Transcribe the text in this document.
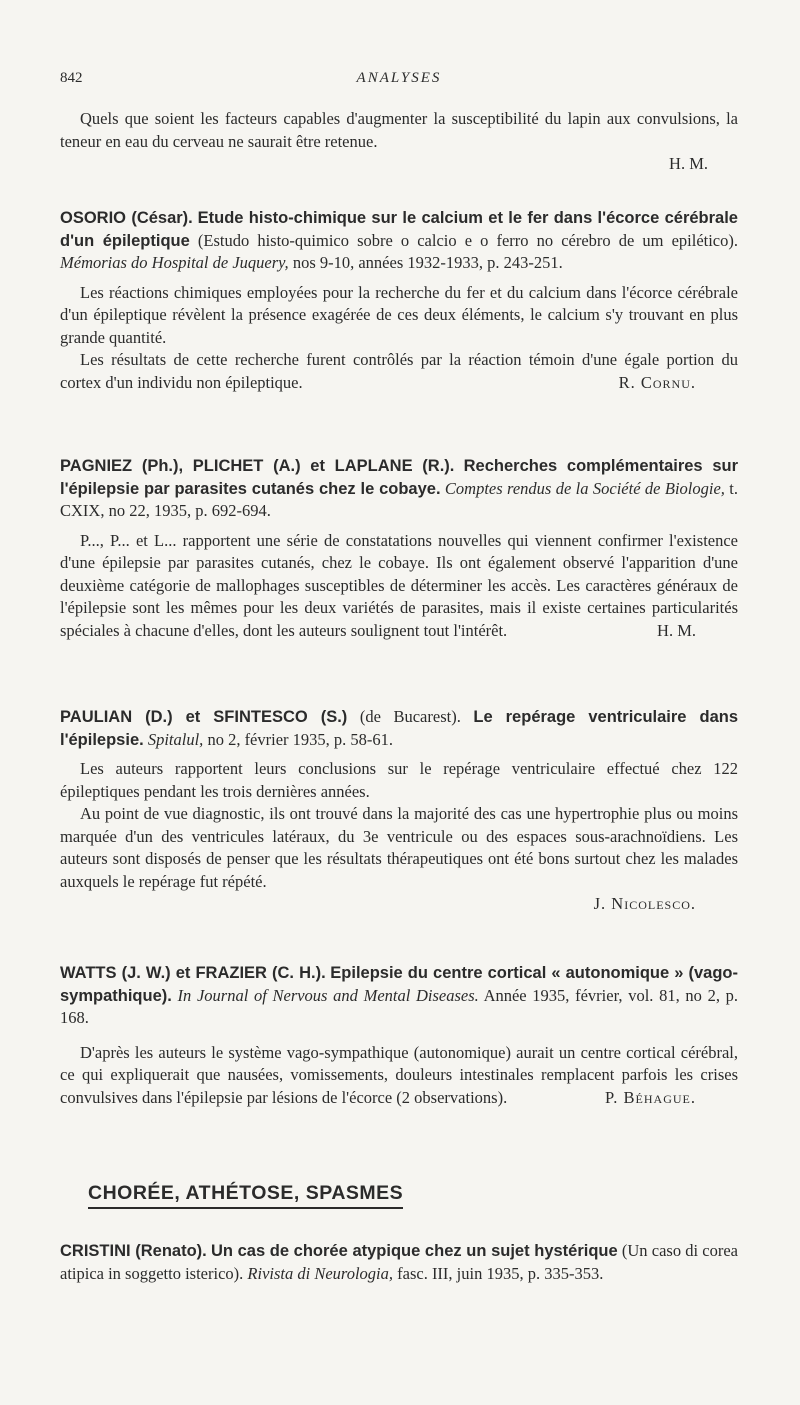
842	ANALYSES

Quels que soient les facteurs capables d'augmenter la susceptibilité du lapin aux convulsions, la teneur en eau du cerveau ne saurait être retenue.

H. M.

OSORIO (César). Etude histo-chimique sur le calcium et le fer dans l'écorce cérébrale d'un épileptique (Estudo histo-quimico sobre o calcio e o ferro no cérebro de um epilético). Mémorias do Hospital de Juquery, nos 9-10, années 1932-1933, p. 243-251.

Les réactions chimiques employées pour la recherche du fer et du calcium dans l'écorce cérébrale d'un épileptique révèlent la présence exagérée de ces deux éléments, le calcium s'y trouvant en plus grande quantité.

Les résultats de cette recherche furent contrôlés par la réaction témoin d'une égale portion du cortex d'un individu non épileptique.	R. Cornu.

PAGNIEZ (Ph.), PLICHET (A.) et LAPLANE (R.). Recherches complémentaires sur l'épilepsie par parasites cutanés chez le cobaye. Comptes rendus de la Société de Biologie, t. CXIX, no 22, 1935, p. 692-694.

P..., P... et L... rapportent une série de constatations nouvelles qui viennent confirmer l'existence d'une épilepsie par parasites cutanés, chez le cobaye. Ils ont également observé l'apparition d'une deuxième catégorie de mallophages susceptibles de déterminer les accès. Les caractères généraux de l'épilepsie sont les mêmes pour les deux variétés de parasites, mais il existe certaines particularités spéciales à chacune d'elles, dont les auteurs soulignent tout l'intérêt.	H. M.

PAULIAN (D.) et SFINTESCO (S.) (de Bucarest). Le repérage ventriculaire dans l'épilepsie. Spitalul, no 2, février 1935, p. 58-61.

Les auteurs rapportent leurs conclusions sur le repérage ventriculaire effectué chez 122 épileptiques pendant les trois dernières années.

Au point de vue diagnostic, ils ont trouvé dans la majorité des cas une hypertrophie plus ou moins marquée d'un des ventricules latéraux, du 3e ventricule ou des espaces sous-arachnoïdiens. Les auteurs sont disposés de penser que les résultats thérapeutiques ont été bons surtout chez les malades auxquels le repérage fut répété.

J. Nicolesco.

WATTS (J. W.) et FRAZIER (C. H.). Epilepsie du centre cortical « autonomique » (vago-sympathique). In Journal of Nervous and Mental Diseases. Année 1935, février, vol. 81, no 2, p. 168.

D'après les auteurs le système vago-sympathique (autonomique) aurait un centre cortical cérébral, ce qui expliquerait que nausées, vomissements, douleurs intestinales remplacent parfois les crises convulsives dans l'épilepsie par lésions de l'écorce (2 observations).	P. Béhague.

CHORÉE, ATHÉTOSE, SPASMES

CRISTINI (Renato). Un cas de chorée atypique chez un sujet hystérique (Un caso di corea atipica in soggetto isterico). Rivista di Neurologia, fasc. III, juin 1935, p. 335-353.
